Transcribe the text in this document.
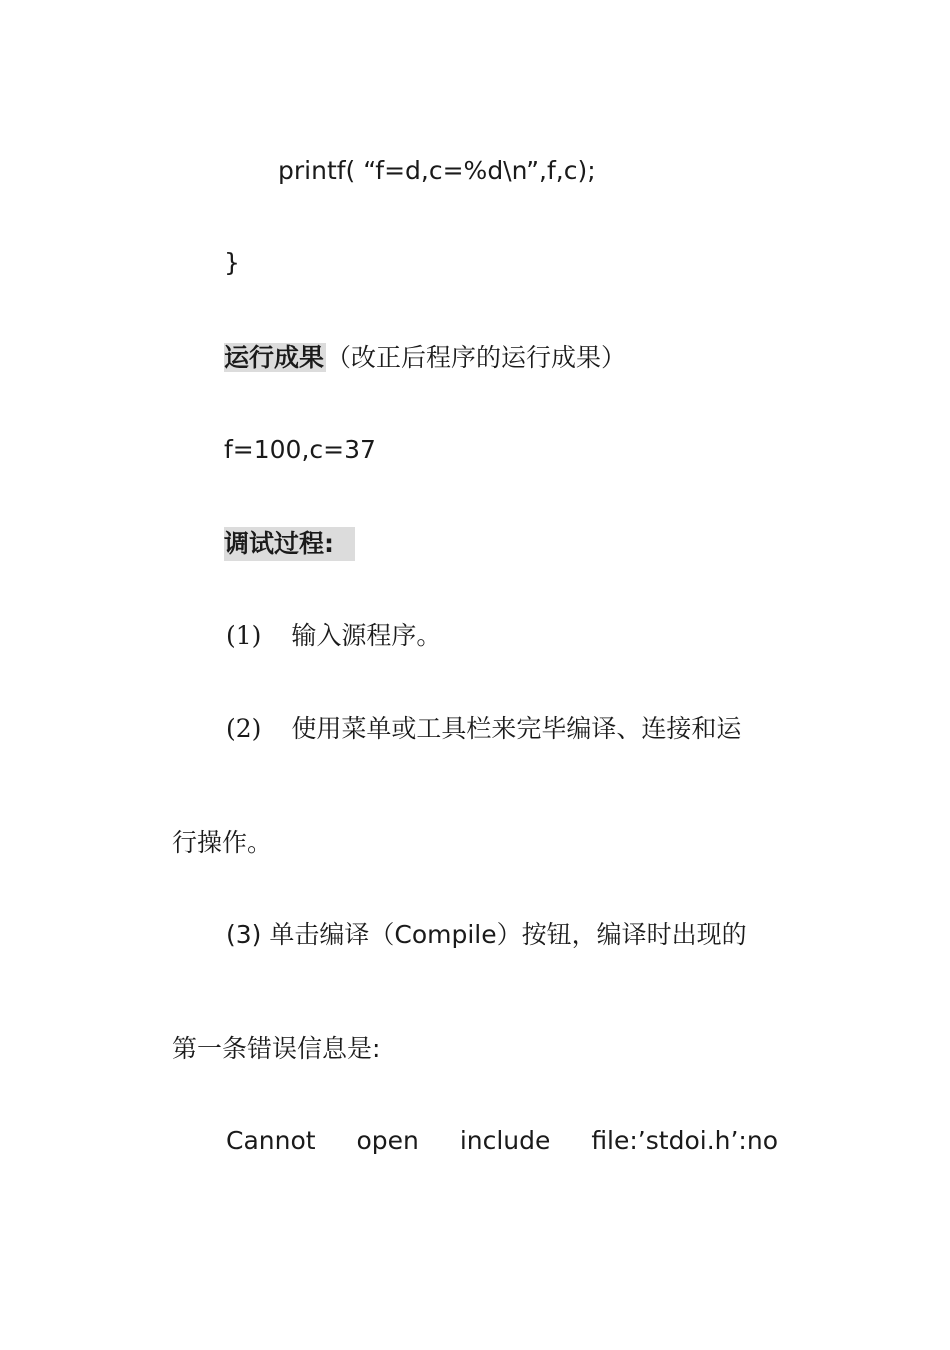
printf( “f=d,c=%d\n”,f,c);
}
运行成果（改正后程序的运行成果）
f=100,c=37
调试过程:
(1) 输入源程序。
(2) 使用菜单或工具栏来完毕编译、连接和运
行操作。
(3) 单击编译（Compile）按钮，编译时出现的
第一条错误信息是:
Cannot open include file:’stdoi.h’:no
